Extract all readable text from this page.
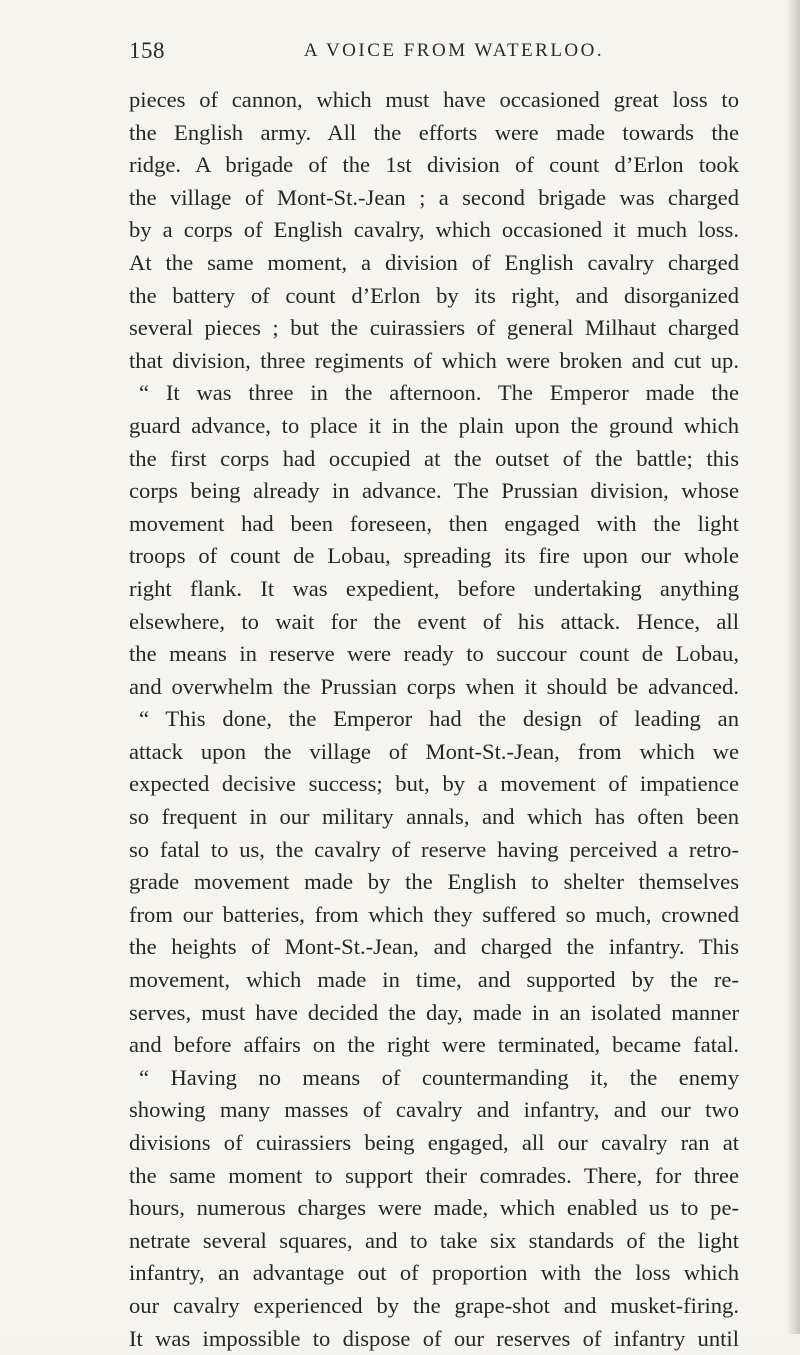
158	A VOICE FROM WATERLOO.
pieces of cannon, which must have occasioned great loss to
the English army. All the efforts were made towards the
ridge. A brigade of the 1st division of count d’Erlon took
the village of Mont-St.-Jean ; a second brigade was charged
by a corps of English cavalry, which occasioned it much loss.
At the same moment, a division of English cavalry charged
the battery of count d’Erlon by its right, and disorganized
several pieces ; but the cuirassiers of general Milhaut charged
that division, three regiments of which were broken and cut up.
“ It was three in the afternoon. The Emperor made the
guard advance, to place it in the plain upon the ground which
the first corps had occupied at the outset of the battle; this
corps being already in advance. The Prussian division, whose
movement had been foreseen, then engaged with the light
troops of count de Lobau, spreading its fire upon our whole
right flank. It was expedient, before undertaking anything
elsewhere, to wait for the event of his attack. Hence, all
the means in reserve were ready to succour count de Lobau,
and overwhelm the Prussian corps when it should be advanced.
“ This done, the Emperor had the design of leading an
attack upon the village of Mont-St.-Jean, from which we
expected decisive success; but, by a movement of impatience
so frequent in our military annals, and which has often been
so fatal to us, the cavalry of reserve having perceived a retro-
grade movement made by the English to shelter themselves
from our batteries, from which they suffered so much, crowned
the heights of Mont-St.-Jean, and charged the infantry. This
movement, which made in time, and supported by the re-
serves, must have decided the day, made in an isolated manner
and before affairs on the right were terminated, became fatal.
“ Having no means of countermanding it, the enemy
showing many masses of cavalry and infantry, and our two
divisions of cuirassiers being engaged, all our cavalry ran at
the same moment to support their comrades. There, for three
hours, numerous charges were made, which enabled us to pe-
netrate several squares, and to take six standards of the light
infantry, an advantage out of proportion with the loss which
our cavalry experienced by the grape-shot and musket-firing.
It was impossible to dispose of our reserves of infantry until
